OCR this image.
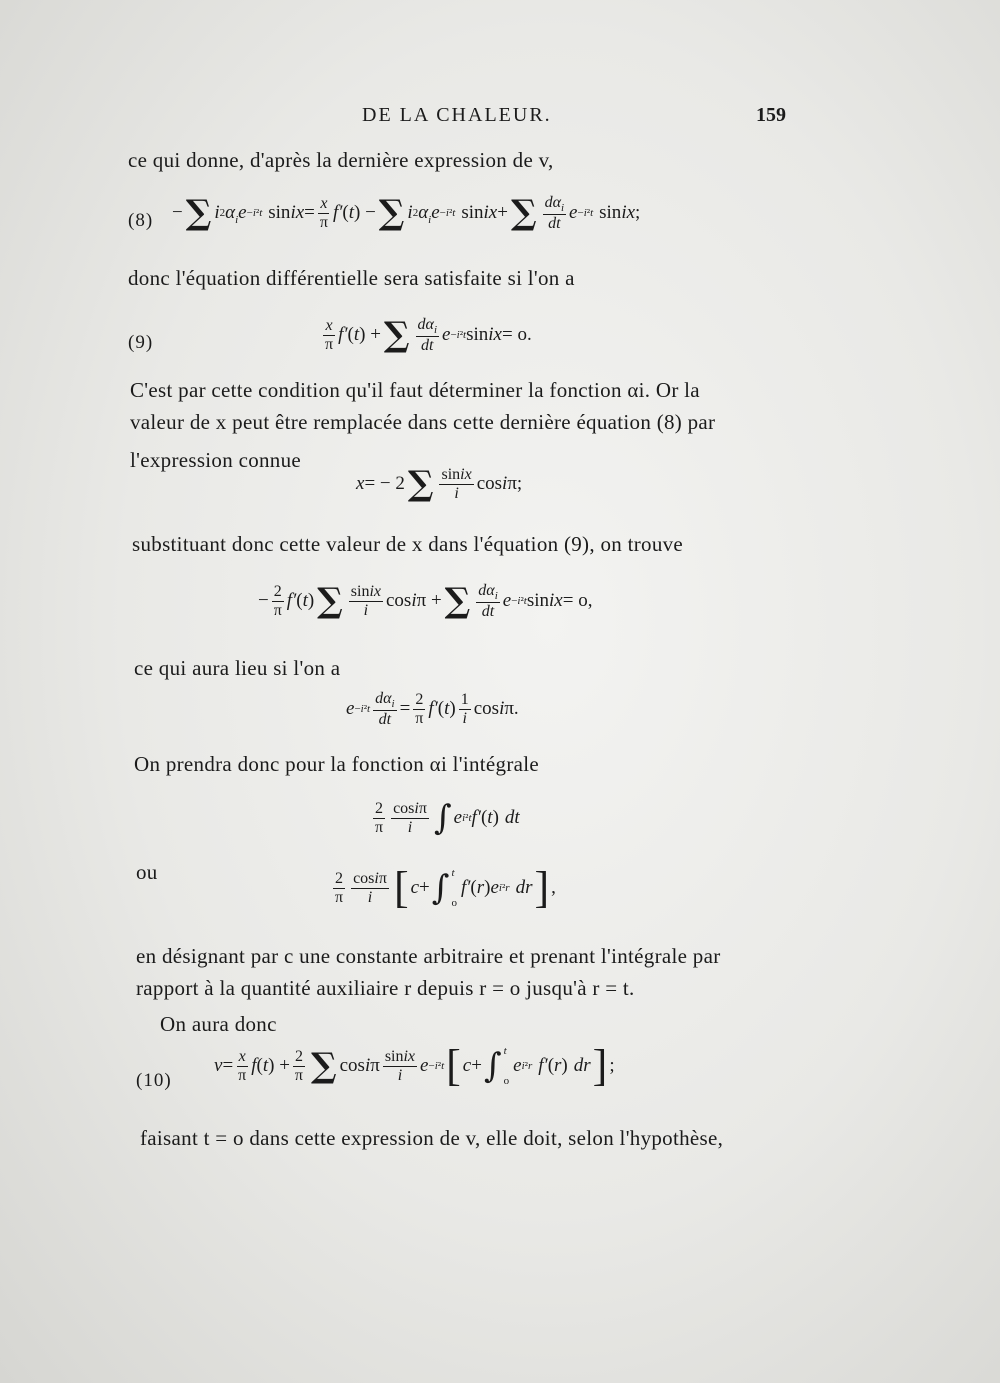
DE LA CHALEUR.	159
ce qui donne, d'après la dernière expression de v,
(8) − ∑ i 2 $\alpha_ie -i^2t$ sin ix = $\frac{x}{\pi} f'$ ( t ) − ∑ i 2 $\alpha_ie -i^2t$ sin ix + ∑ $\frac{d\alpha_i}{dt}$ e −i²t sin ix ;
donc l'équation différentielle sera satisfaite si l'on a
(9)	$\frac{x}{\pi} f'$ ( t ) + ∑ $\frac{d\alpha_i}{dt}$ e −i²t sin ix = o.
C'est par cette condition qu'il faut déterminer la fonction αi. Or la
valeur de x peut être remplacée dans cette dernière équation (8) par
l'expression connue
x = − 2 ∑ $\frac{\text{sinix}}{i}$ cos i π;
substituant donc cette valeur de x dans l'équation (9), on trouve
− $\frac{2}{\pi} f'$ ( t ) ∑ $\frac{\text{sinix}}{i}$ cos i π + ∑ $\frac{d\alpha_i}{dt}$ e −i²t sin ix = o,
ce qui aura lieu si l'on a
$e -i^2t \frac{d\alpha_i}{dt} = \frac{2}{\pi} f'$ ( t ) $\frac{1}{i}$ cos i π.
On prendra donc pour la fonction αi l'intégrale
$\frac{2}{\pi} \frac{\cos i\pi}{i}$ ∫ e i²t f′ ( t ) dt
ou	$\frac{2}{\pi} \frac{\cos i\pi}{i}$ [ c + ∫ t
o
f′ ( r ) e i²r dr ] ,
en désignant par c une constante arbitraire et prenant l'intégrale par
rapport à la quantité auxiliaire r depuis r = o jusqu'à r = t.
On aura donc
(10)
$v = \frac{x}{\pi}$ f ( t ) + $\frac{2}{\pi}$ ∑ cos i π $\frac{\text{sinix}}{i}$ e −i²t [ c + ∫ t
o
e i²r f′ ( r ) dr ] ;
faisant t = o dans cette expression de v, elle doit, selon l'hypothèse,
